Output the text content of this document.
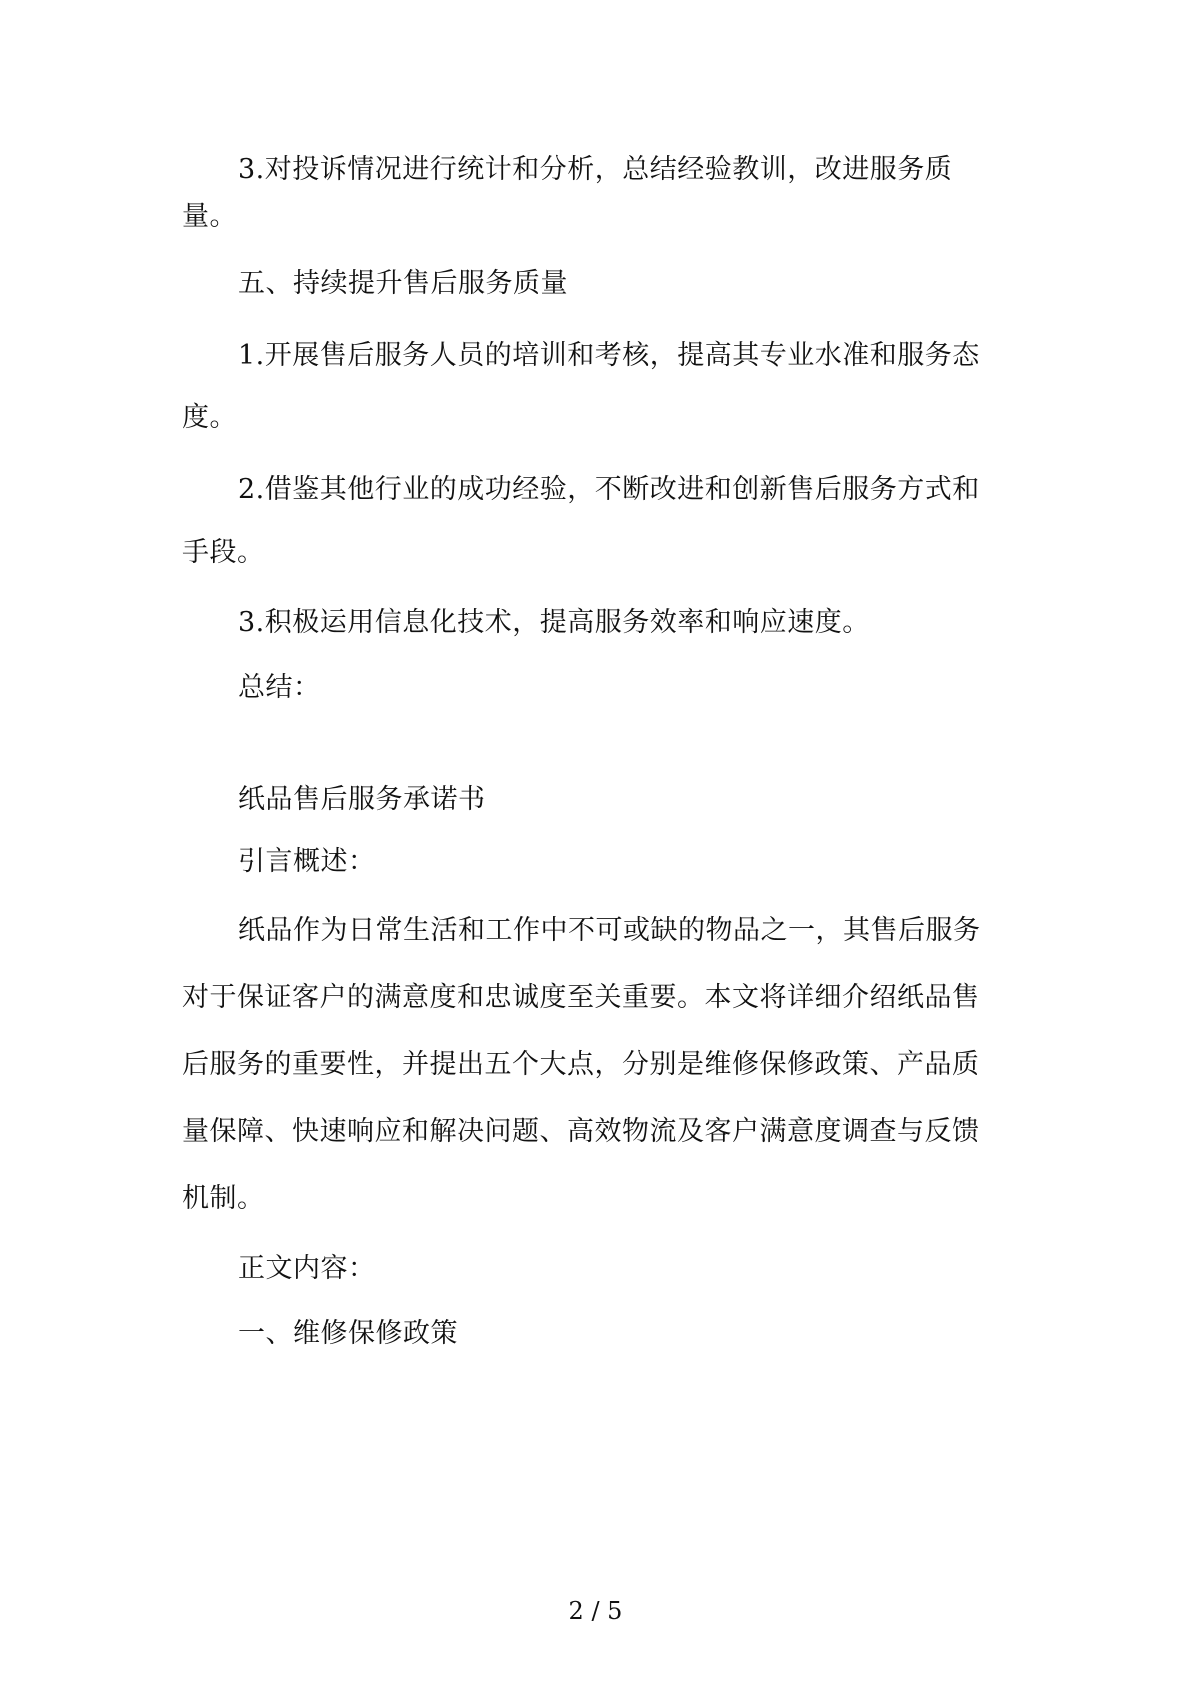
3.对投诉情况进行统计和分析，总结经验教训，改进服务质
量。
五、持续提升售后服务质量
1.开展售后服务人员的培训和考核，提高其专业水准和服务态
度。
2.借鉴其他行业的成功经验，不断改进和创新售后服务方式和
手段。
3.积极运用信息化技术，提高服务效率和响应速度。
总结：
纸品售后服务承诺书
引言概述：
纸品作为日常生活和工作中不可或缺的物品之一，其售后服务
对于保证客户的满意度和忠诚度至关重要。本文将详细介绍纸品售
后服务的重要性，并提出五个大点，分别是维修保修政策、产品质
量保障、快速响应和解决问题、高效物流及客户满意度调查与反馈
机制。
正文内容：
一、维修保修政策
2 / 5
